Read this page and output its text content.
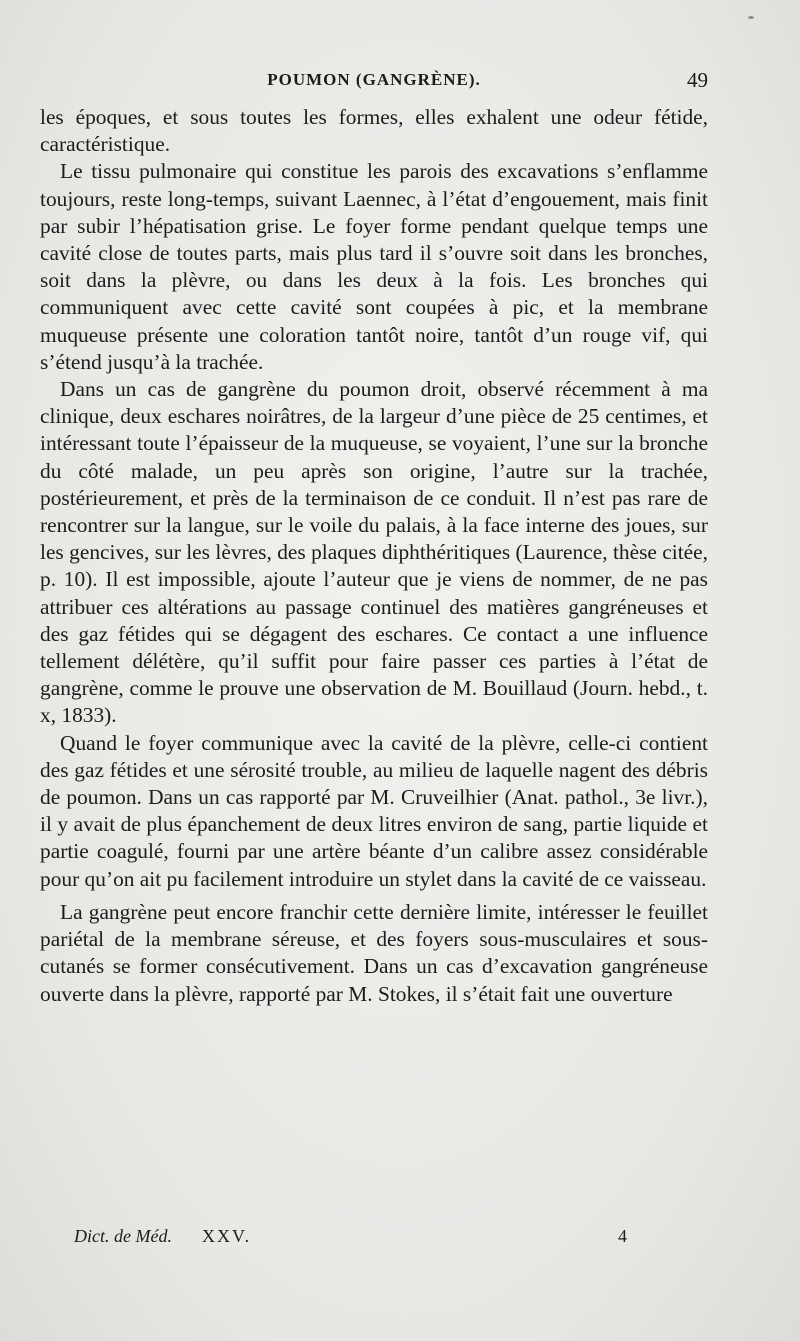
POUMON (GANGRÈNE).	49

les époques, et sous toutes les formes, elles exhalent une odeur fétide, caractéristique.

Le tissu pulmonaire qui constitue les parois des excavations s’enflamme toujours, reste long-temps, suivant Laennec, à l’état d’engouement, mais finit par subir l’hépatisation grise. Le foyer forme pendant quelque temps une cavité close de toutes parts, mais plus tard il s’ouvre soit dans les bronches, soit dans la plèvre, ou dans les deux à la fois. Les bronches qui communiquent avec cette cavité sont coupées à pic, et la membrane muqueuse présente une coloration tantôt noire, tantôt d’un rouge vif, qui s’étend jusqu’à la trachée.

Dans un cas de gangrène du poumon droit, observé récemment à ma clinique, deux eschares noirâtres, de la largeur d’une pièce de 25 centimes, et intéressant toute l’épaisseur de la muqueuse, se voyaient, l’une sur la bronche du côté malade, un peu après son origine, l’autre sur la trachée, postérieurement, et près de la terminaison de ce conduit. Il n’est pas rare de rencontrer sur la langue, sur le voile du palais, à la face interne des joues, sur les gencives, sur les lèvres, des plaques diphthéritiques (Laurence, thèse citée, p. 10). Il est impossible, ajoute l’auteur que je viens de nommer, de ne pas attribuer ces altérations au passage continuel des matières gangréneuses et des gaz fétides qui se dégagent des eschares. Ce contact a une influence tellement délétère, qu’il suffit pour faire passer ces parties à l’état de gangrène, comme le prouve une observation de M. Bouillaud (Journ. hebd., t. x, 1833).

Quand le foyer communique avec la cavité de la plèvre, celle-ci contient des gaz fétides et une sérosité trouble, au milieu de laquelle nagent des débris de poumon. Dans un cas rapporté par M. Cruveilhier (Anat. pathol., 3e livr.), il y avait de plus épanchement de deux litres environ de sang, partie liquide et partie coagulé, fourni par une artère béante d’un calibre assez considérable pour qu’on ait pu facilement introduire un stylet dans la cavité de ce vaisseau.

La gangrène peut encore franchir cette dernière limite, intéresser le feuillet pariétal de la membrane séreuse, et des foyers sous-musculaires et sous-cutanés se former consécutivement. Dans un cas d’excavation gangréneuse ouverte dans la plèvre, rapporté par M. Stokes, il s’était fait une ouverture

Dict. de Méd. XXV.	4
